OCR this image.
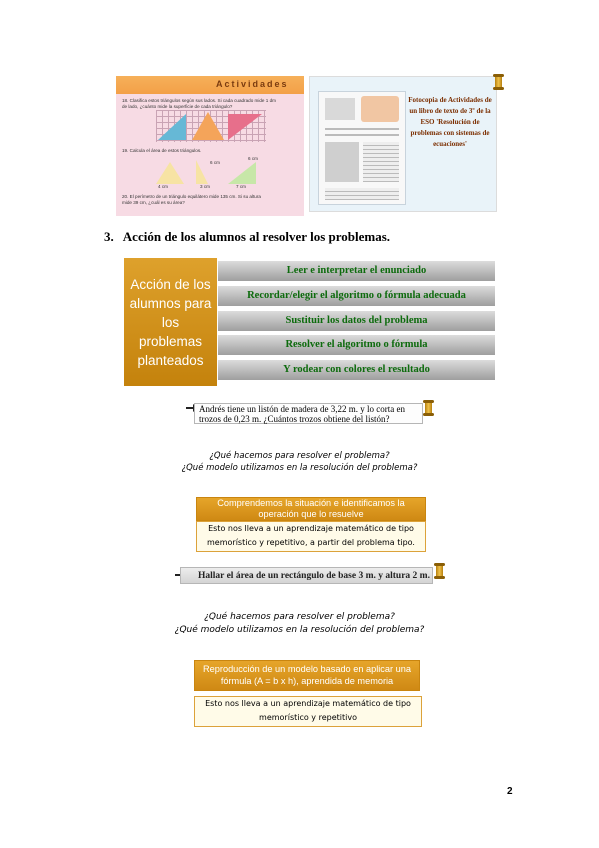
Actividades
18. Clasifica estos triángulos según sus lados. Si cada cuadrado mide 1 dm de lado, ¿cuánto mide la superficie de cada triángulo?
19. Calcula el área de estos triángulos.
4 cm	3 cm	7 cm
6 cm
6 cm
20. El perímetro de un triángulo equilátero mide 135 cm. Si su altura mide 39 cm, ¿cuál es su área?
Fotocopia de Actividades de un libro de texto de 3º de la ESO 'Resolución de problemas con sistemas de ecuaciones'
3. Acción de los alumnos al resolver los problemas.
Acción de los alumnos para los problemas planteados
Leer e interpretar el enunciado
Recordar/elegir el algoritmo o fórmula adecuada
Sustituir los datos del problema
Resolver el algoritmo o fórmula
Y rodear con colores el resultado
Andrés tiene un listón de madera de 3,22 m. y lo corta en trozos de 0,23 m. ¿Cuántos trozos obtiene del listón?
¿Qué hacemos para resolver el problema?
¿Qué modelo utilizamos en la resolución del problema?
Comprendemos la situación e identificamos la operación que lo resuelve
Esto nos lleva a un aprendizaje matemático de tipo memorístico y repetitivo, a partir del problema tipo.
Hallar el área de un rectángulo de base 3 m. y altura 2 m.
¿Qué hacemos para resolver el problema?
¿Qué modelo utilizamos en la resolución del problema?
Reproducción de un modelo basado en aplicar una fórmula (A = b x h), aprendida de memoria
Esto nos lleva a un aprendizaje matemático de tipo memorístico y repetitivo
2
